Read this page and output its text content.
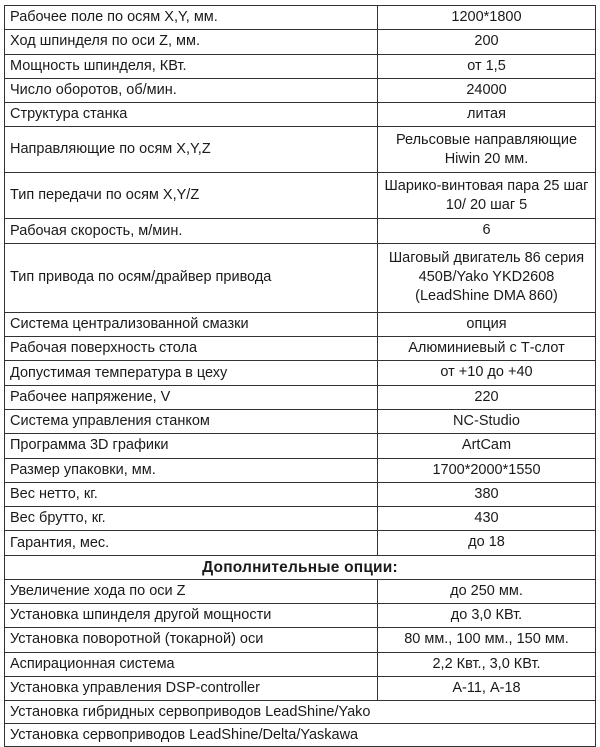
Рабочее поле по осям X,Y, мм.	1200*1800
Ход шпинделя по оси Z, мм.	200
Мощность шпинделя, КВт.	от 1,5
Число оборотов, об/мин.	24000
Структура станка	литая
Направляющие по осям X,Y,Z	Рельсовые направляющие Hiwin 20 мм.
Тип передачи по осям X,Y/Z	Шарико-винтовая пара 25 шаг 10/ 20 шаг 5
Рабочая скорость, м/мин.	6
Тип привода по осям/драйвер привода	Шаговый двигатель 86 серия 450B/Yako YKD2608 (LeadShine DMA 860)
Система централизованной смазки	опция
Рабочая поверхность стола	Алюминиевый с Т-слот
Допустимая температура в цеху	от +10 до +40
Рабочее напряжение, V	220
Система управления станком	NC-Studio
Программа 3D графики	ArtCam
Размер упаковки, мм.	1700*2000*1550
Вес нетто, кг.	380
Вес брутто, кг.	430
Гарантия, мес.	до 18
Дополнительные опции:	
Увеличение хода по оси Z	до 250 мм.
Установка шпинделя другой мощности	до 3,0 КВт.
Установка поворотной (токарной) оси	80 мм., 100 мм., 150 мм.
Аспирационная система	2,2 Квт., 3,0 КВт.
Установка управления DSP-controller	А-11, А-18
Установка гибридных сервоприводов LeadShine/Yako	
Установка сервоприводов LeadShine/Delta/Yaskawa	
